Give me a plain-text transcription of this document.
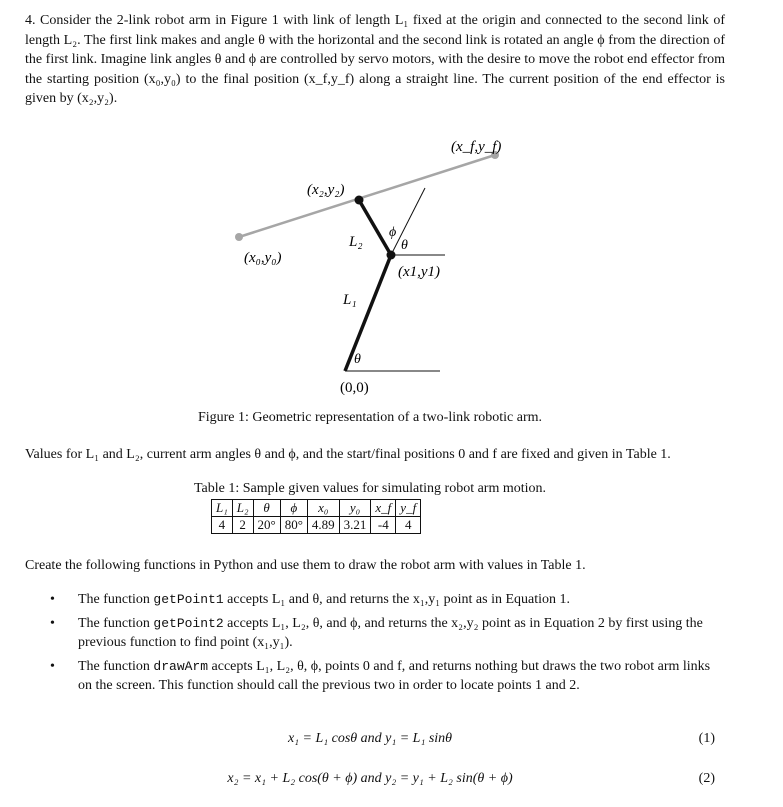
4. Consider the 2-link robot arm in Figure 1 with link of length L₁ fixed at the origin and connected to the second link of length L₂. The first link makes and angle θ with the horizontal and the second link is rotated an angle ϕ from the direction of the first link. Imagine link angles θ and ϕ are controlled by servo motors, with the desire to move the robot end effector from the starting position (x₀,y₀) to the final position (x_f,y_f) along a straight line. The current position of the end effector is given by (x₂,y₂).

(x_f,y_f)
(x₂,y₂)
(x₀,y₀)
(x1,y1)
(0,0)
L₂
L₁
ϕ
θ
θ
Figure 1: Geometric representation of a two-link robotic arm.
Values for L₁ and L₂, current arm angles θ and ϕ, and the start/final positions 0 and f are fixed and given in Table 1.
Table 1: Sample given values for simulating robot arm motion.
L₁	L₂	θ	ϕ	x₀	y₀	x_f	y_f
4	2	20°	80°	4.89	3.21	-4	4
Create the following functions in Python and use them to draw the robot arm with values in Table 1.
• The function getPoint1 accepts L₁ and θ, and returns the x₁,y₁ point as in Equation 1.
• The function getPoint2 accepts L₁, L₂, θ, and ϕ, and returns the x₂,y₂ point as in Equation 2 by first using the previous function to find point (x₁,y₁).
• The function drawArm accepts L₁, L₂, θ, ϕ, points 0 and f, and returns nothing but draws the two robot arm links on the screen. This function should call the previous two in order to locate points 1 and 2.
x₁ = L₁ cosθ and y₁ = L₁ sinθ	(1)
x₂ = x₁ + L₂ cos(θ + ϕ) and y₂ = y₁ + L₂ sin(θ + ϕ)	(2)
